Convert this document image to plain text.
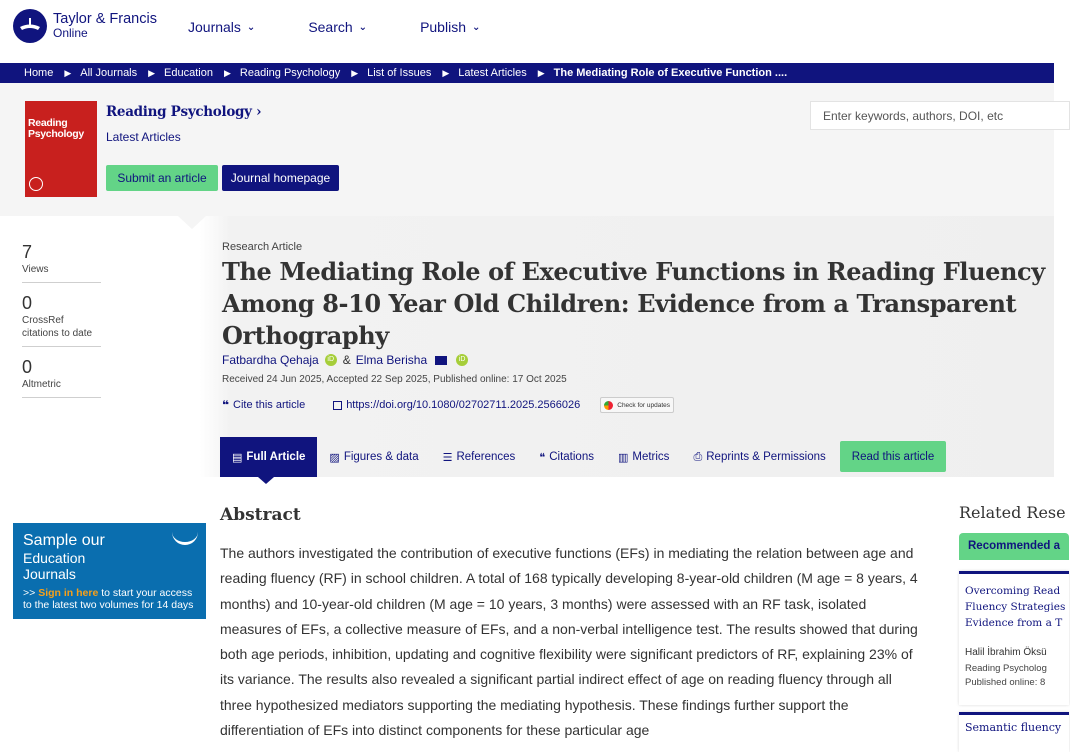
Taylor & Francis
Online	Journals ⌄	Search ⌄	Publish ⌄
Home ▶ All Journals ▶ Education ▶ Reading Psychology ▶ List of Issues ▶ Latest Articles ▶ The Mediating Role of Executive Function ....
Reading
Psychology
Reading Psychology ›
Latest Articles
Submit an article	Journal homepage
Enter keywords, authors, DOI, etc
7
Views
0
CrossRef citations to date
0
Altmetric
Research Article
The Mediating Role of Executive Functions in Reading Fluency Among 8-10 Year Old Children: Evidence from a Transparent Orthography
Fatbardha Qehaja	iD & Elma Berisha	iD
Received 24 Jun 2025, Accepted 22 Sep 2025, Published online: 17 Oct 2025
❝ Cite this article	https://doi.org/10.1080/02702711.2025.2566026	Check for updates
▤ Full Article ▨ Figures & data ☰ References ❝ Citations ▥ Metrics ⎙ Reprints & Permissions	Read this article
Sample our
Education
Journals
>> Sign in here to start your access to the latest two volumes for 14 days
Abstract

The authors investigated the contribution of executive functions (EFs) in mediating the relation between age and reading fluency (RF) in school children. A total of 168 typically developing 8-year-old children (M age = 8 years, 4 months) and 10-year-old children (M age = 10 years, 3 months) were assessed with an RF task, isolated measures of EFs, a collective measure of EFs, and a non-verbal intelligence test. The results showed that during both age periods, inhibition, updating and cognitive flexibility were significant predictors of RF, explaining 23% of its variance. The results also revealed a significant partial indirect effect of age on reading fluency through all three hypothesized mediators supporting the mediating hypothesis. These findings further support the differentiation of EFs into distinct components for these particular age

Related Rese
Recommended a
Overcoming Read
Fluency Strategies
Evidence from a T
Halil İbrahim Öksü
Reading Psycholog
Published online: 8
Semantic fluency
